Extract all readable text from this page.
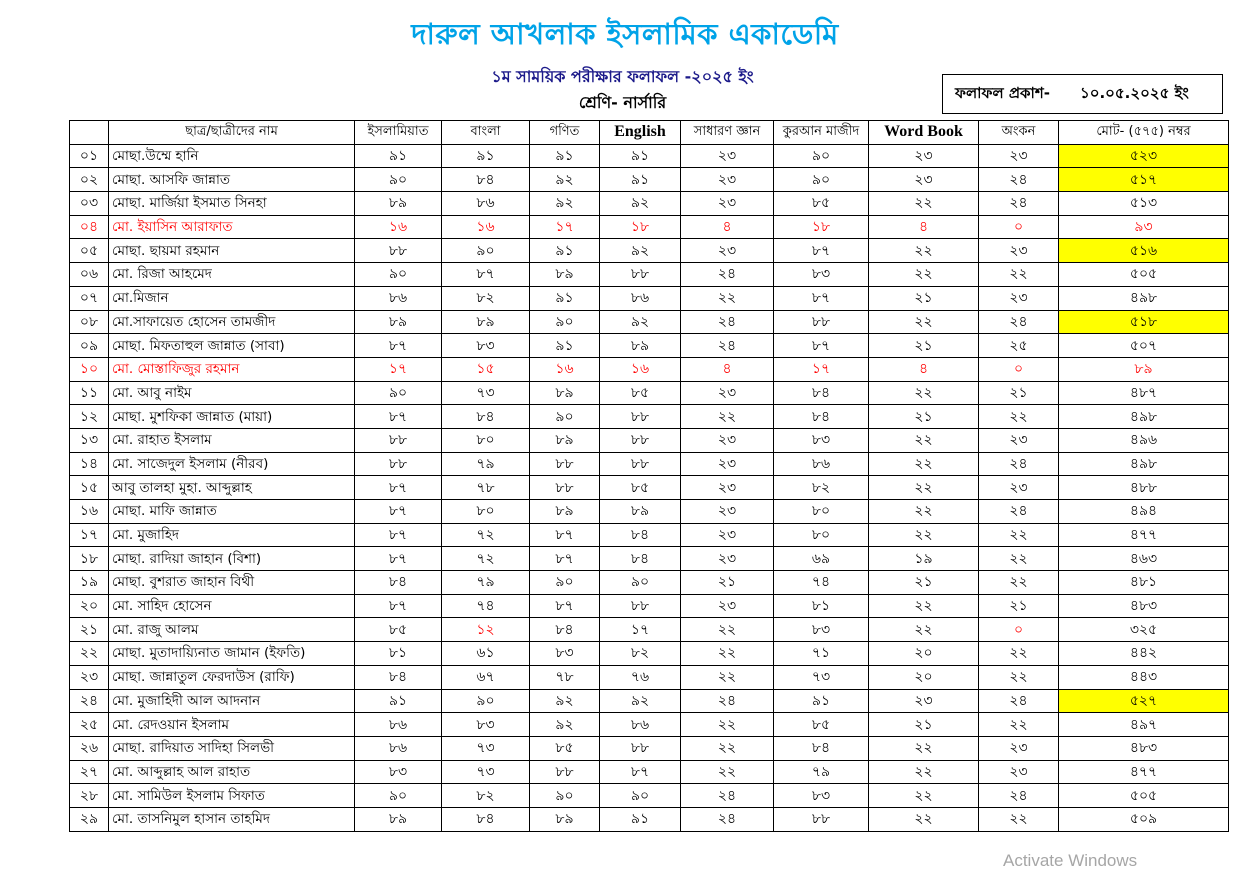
দারুল আখলাক ইসলামিক একাডেমি
১ম সাময়িক পরীক্ষার ফলাফল -২০২৫ ইং
শ্রেণি- নার্সারি
ফলাফল প্রকাশ- ১০.০৫.২০২৫ ইং
	ছাত্র/ছাত্রীদের নাম	ইসলামিয়াত	বাংলা	গণিত	English	সাধারণ জ্ঞান	কুরআন মাজীদ	Word Book	অংকন	মোট- (৫৭৫) নম্বর
০১	মোছা.উম্মে হানি	৯১	৯১	৯১	৯১	২৩	৯০	২৩	২৩	৫২৩
০২	মোছা. আসফি জান্নাত	৯০	৮৪	৯২	৯১	২৩	৯০	২৩	২৪	৫১৭
০৩	মোছা. মার্জিয়া ইসমাত সিনহা	৮৯	৮৬	৯২	৯২	২৩	৮৫	২২	২৪	৫১৩
০৪	মো. ইয়াসিন আরাফাত	১৬	১৬	১৭	১৮	৪	১৮	৪	০	৯৩
০৫	মোছা. ছায়মা রহমান	৮৮	৯০	৯১	৯২	২৩	৮৭	২২	২৩	৫১৬
০৬	মো. রিজা আহমেদ	৯০	৮৭	৮৯	৮৮	২৪	৮৩	২২	২২	৫০৫
০৭	মো.মিজান	৮৬	৮২	৯১	৮৬	২২	৮৭	২১	২৩	৪৯৮
০৮	মো.সাফায়েত হোসেন তামজীদ	৮৯	৮৯	৯০	৯২	২৪	৮৮	২২	২৪	৫১৮
০৯	মোছা. মিফতাহুল জান্নাত (সাবা)	৮৭	৮৩	৯১	৮৯	২৪	৮৭	২১	২৫	৫০৭
১০	মো. মোস্তাফিজুর রহমান	১৭	১৫	১৬	১৬	৪	১৭	৪	০	৮৯
১১	মো. আবু নাইম	৯০	৭৩	৮৯	৮৫	২৩	৮৪	২২	২১	৪৮৭
১২	মোছা. মুশফিকা জান্নাত (মায়া)	৮৭	৮৪	৯০	৮৮	২২	৮৪	২১	২২	৪৯৮
১৩	মো. রাহাত ইসলাম	৮৮	৮০	৮৯	৮৮	২৩	৮৩	২২	২৩	৪৯৬
১৪	মো. সাজেদুল ইসলাম (নীরব)	৮৮	৭৯	৮৮	৮৮	২৩	৮৬	২২	২৪	৪৯৮
১৫	আবু তালহা মুহা. আব্দুল্লাহ	৮৭	৭৮	৮৮	৮৫	২৩	৮২	২২	২৩	৪৮৮
১৬	মোছা. মাফি জান্নাত	৮৭	৮০	৮৯	৮৯	২৩	৮০	২২	২৪	৪৯৪
১৭	মো. মুজাহিদ	৮৭	৭২	৮৭	৮৪	২৩	৮০	২২	২২	৪৭৭
১৮	মোছা. রাদিয়া জাহান (বিশা)	৮৭	৭২	৮৭	৮৪	২৩	৬৯	১৯	২২	৪৬৩
১৯	মোছা. বুশরাত জাহান বিথী	৮৪	৭৯	৯০	৯০	২১	৭৪	২১	২২	৪৮১
২০	মো. সাহিদ হোসেন	৮৭	৭৪	৮৭	৮৮	২৩	৮১	২২	২১	৪৮৩
২১	মো. রাজু আলম	৮৫	১২	৮৪	১৭	২২	৮৩	২২	০	৩২৫
২২	মোছা. মুতাদায়্যিনাত জামান (ইফতি)	৮১	৬১	৮৩	৮২	২২	৭১	২০	২২	৪৪২
২৩	মোছা. জান্নাতুল ফেরদাউস (রাফি)	৮৪	৬৭	৭৮	৭৬	২২	৭৩	২০	২২	৪৪৩
২৪	মো. মুজাহিদী আল আদনান	৯১	৯০	৯২	৯২	২৪	৯১	২৩	২৪	৫২৭
২৫	মো. রেদওয়ান ইসলাম	৮৬	৮৩	৯২	৮৬	২২	৮৫	২১	২২	৪৯৭
২৬	মোছা. রাদিয়াত সাদিহা সিলভী	৮৬	৭৩	৮৫	৮৮	২২	৮৪	২২	২৩	৪৮৩
২৭	মো. আব্দুল্লাহ আল রাহাত	৮৩	৭৩	৮৮	৮৭	২২	৭৯	২২	২৩	৪৭৭
২৮	মো. সামিউল ইসলাম সিফাত	৯০	৮২	৯০	৯০	২৪	৮৩	২২	২৪	৫০৫
২৯	মো. তাসনিমুল হাসান তাহমিদ	৮৯	৮৪	৮৯	৯১	২৪	৮৮	২২	২২	৫০৯
Activate Windows
